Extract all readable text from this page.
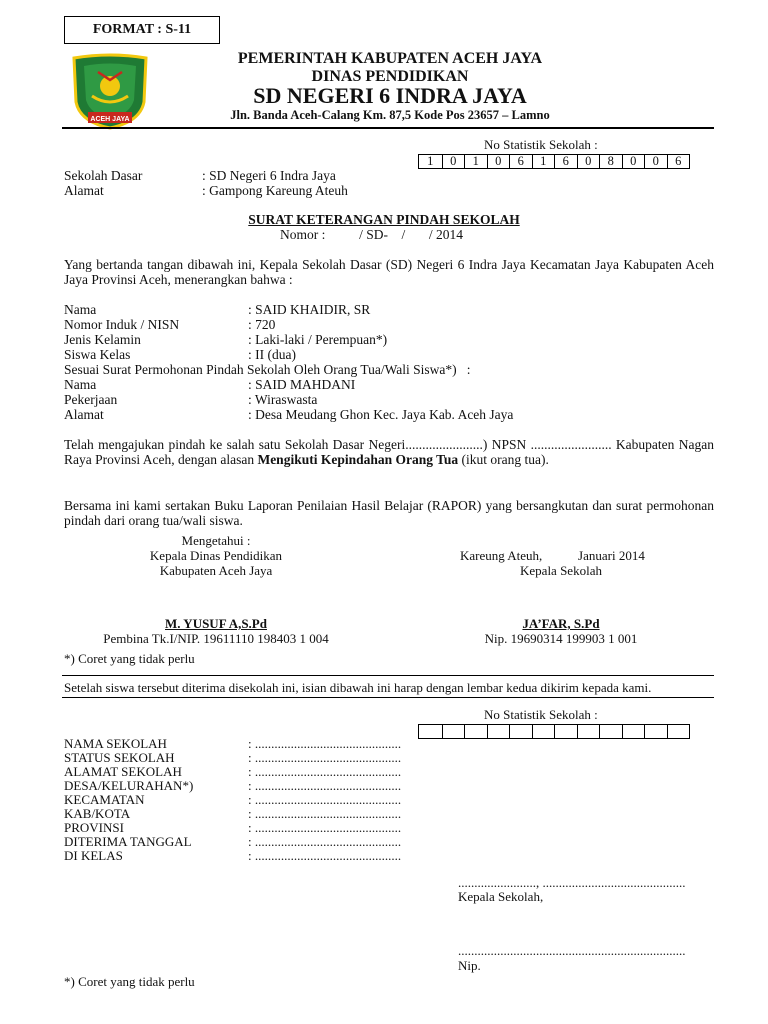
FORMAT : S-11
ACEH JAYA
PEMERINTAH KABUPATEN ACEH JAYA
DINAS PENDIDIKAN
SD NEGERI 6 INDRA JAYA
Jln. Banda Aceh-Calang Km. 87,5 Kode Pos 23657 – Lamno
No Statistik Sekolah :
1	0	1	0	6	1	6	0	8	0	0	6
Sekolah Dasar	: SD Negeri 6 Indra Jaya
Alamat	: Gampong Kareung Ateuh
SURAT KETERANGAN PINDAH SEKOLAH
Nomor :          / SD-    /       / 2014
Yang bertanda tangan dibawah ini, Kepala Sekolah Dasar (SD) Negeri 6 Indra Jaya Kecamatan Jaya Kabupaten Aceh Jaya Provinsi Aceh, menerangkan bahwa :
Nama	: SAID KHAIDIR, SR
Nomor Induk / NISN	: 720
Jenis Kelamin	: Laki-laki / Perempuan*)
Siswa Kelas	: II (dua)
Sesuai Surat Permohonan Pindah Sekolah Oleh Orang Tua/Wali Siswa*)   :
Nama	: SAID MAHDANI
Pekerjaan	: Wiraswasta
Alamat	: Desa Meudang Ghon Kec. Jaya Kab. Aceh Jaya
Telah mengajukan pindah ke salah satu Sekolah Dasar Negeri.......................) NPSN ........................ Kabupaten Nagan Raya Provinsi Aceh, dengan alasan Mengikuti Kepindahan Orang Tua (ikut orang tua).
Bersama ini kami sertakan Buku Laporan Penilaian Hasil Belajar (RAPOR) yang bersangkutan dan surat permohonan pindah dari orang tua/wali siswa.
Mengetahui :
Kepala Dinas Pendidikan
Kabupaten Aceh Jaya
M. YUSUF A,S.Pd
Pembina Tk.I/NIP. 19611110 198403 1 004
Kareung Ateuh,           Januari 2014
Kepala Sekolah
JA’FAR, S.Pd
Nip. 19690314 199903 1 001
*) Coret yang tidak perlu
Setelah siswa tersebut diterima disekolah ini, isian dibawah ini harap dengan lembar kedua dikirim kepada kami.
No Statistik Sekolah :
NAMA SEKOLAH	: .............................................
STATUS SEKOLAH	: .............................................
ALAMAT SEKOLAH	: .............................................
DESA/KELURAHAN*)	: .............................................
KECAMATAN	: .............................................
KAB/KOTA	: .............................................
PROVINSI	: .............................................
DITERIMA TANGGAL	: .............................................
DI KELAS	: .............................................
........................, ............................................
Kepala Sekolah,
......................................................................
Nip.
*) Coret yang tidak perlu
